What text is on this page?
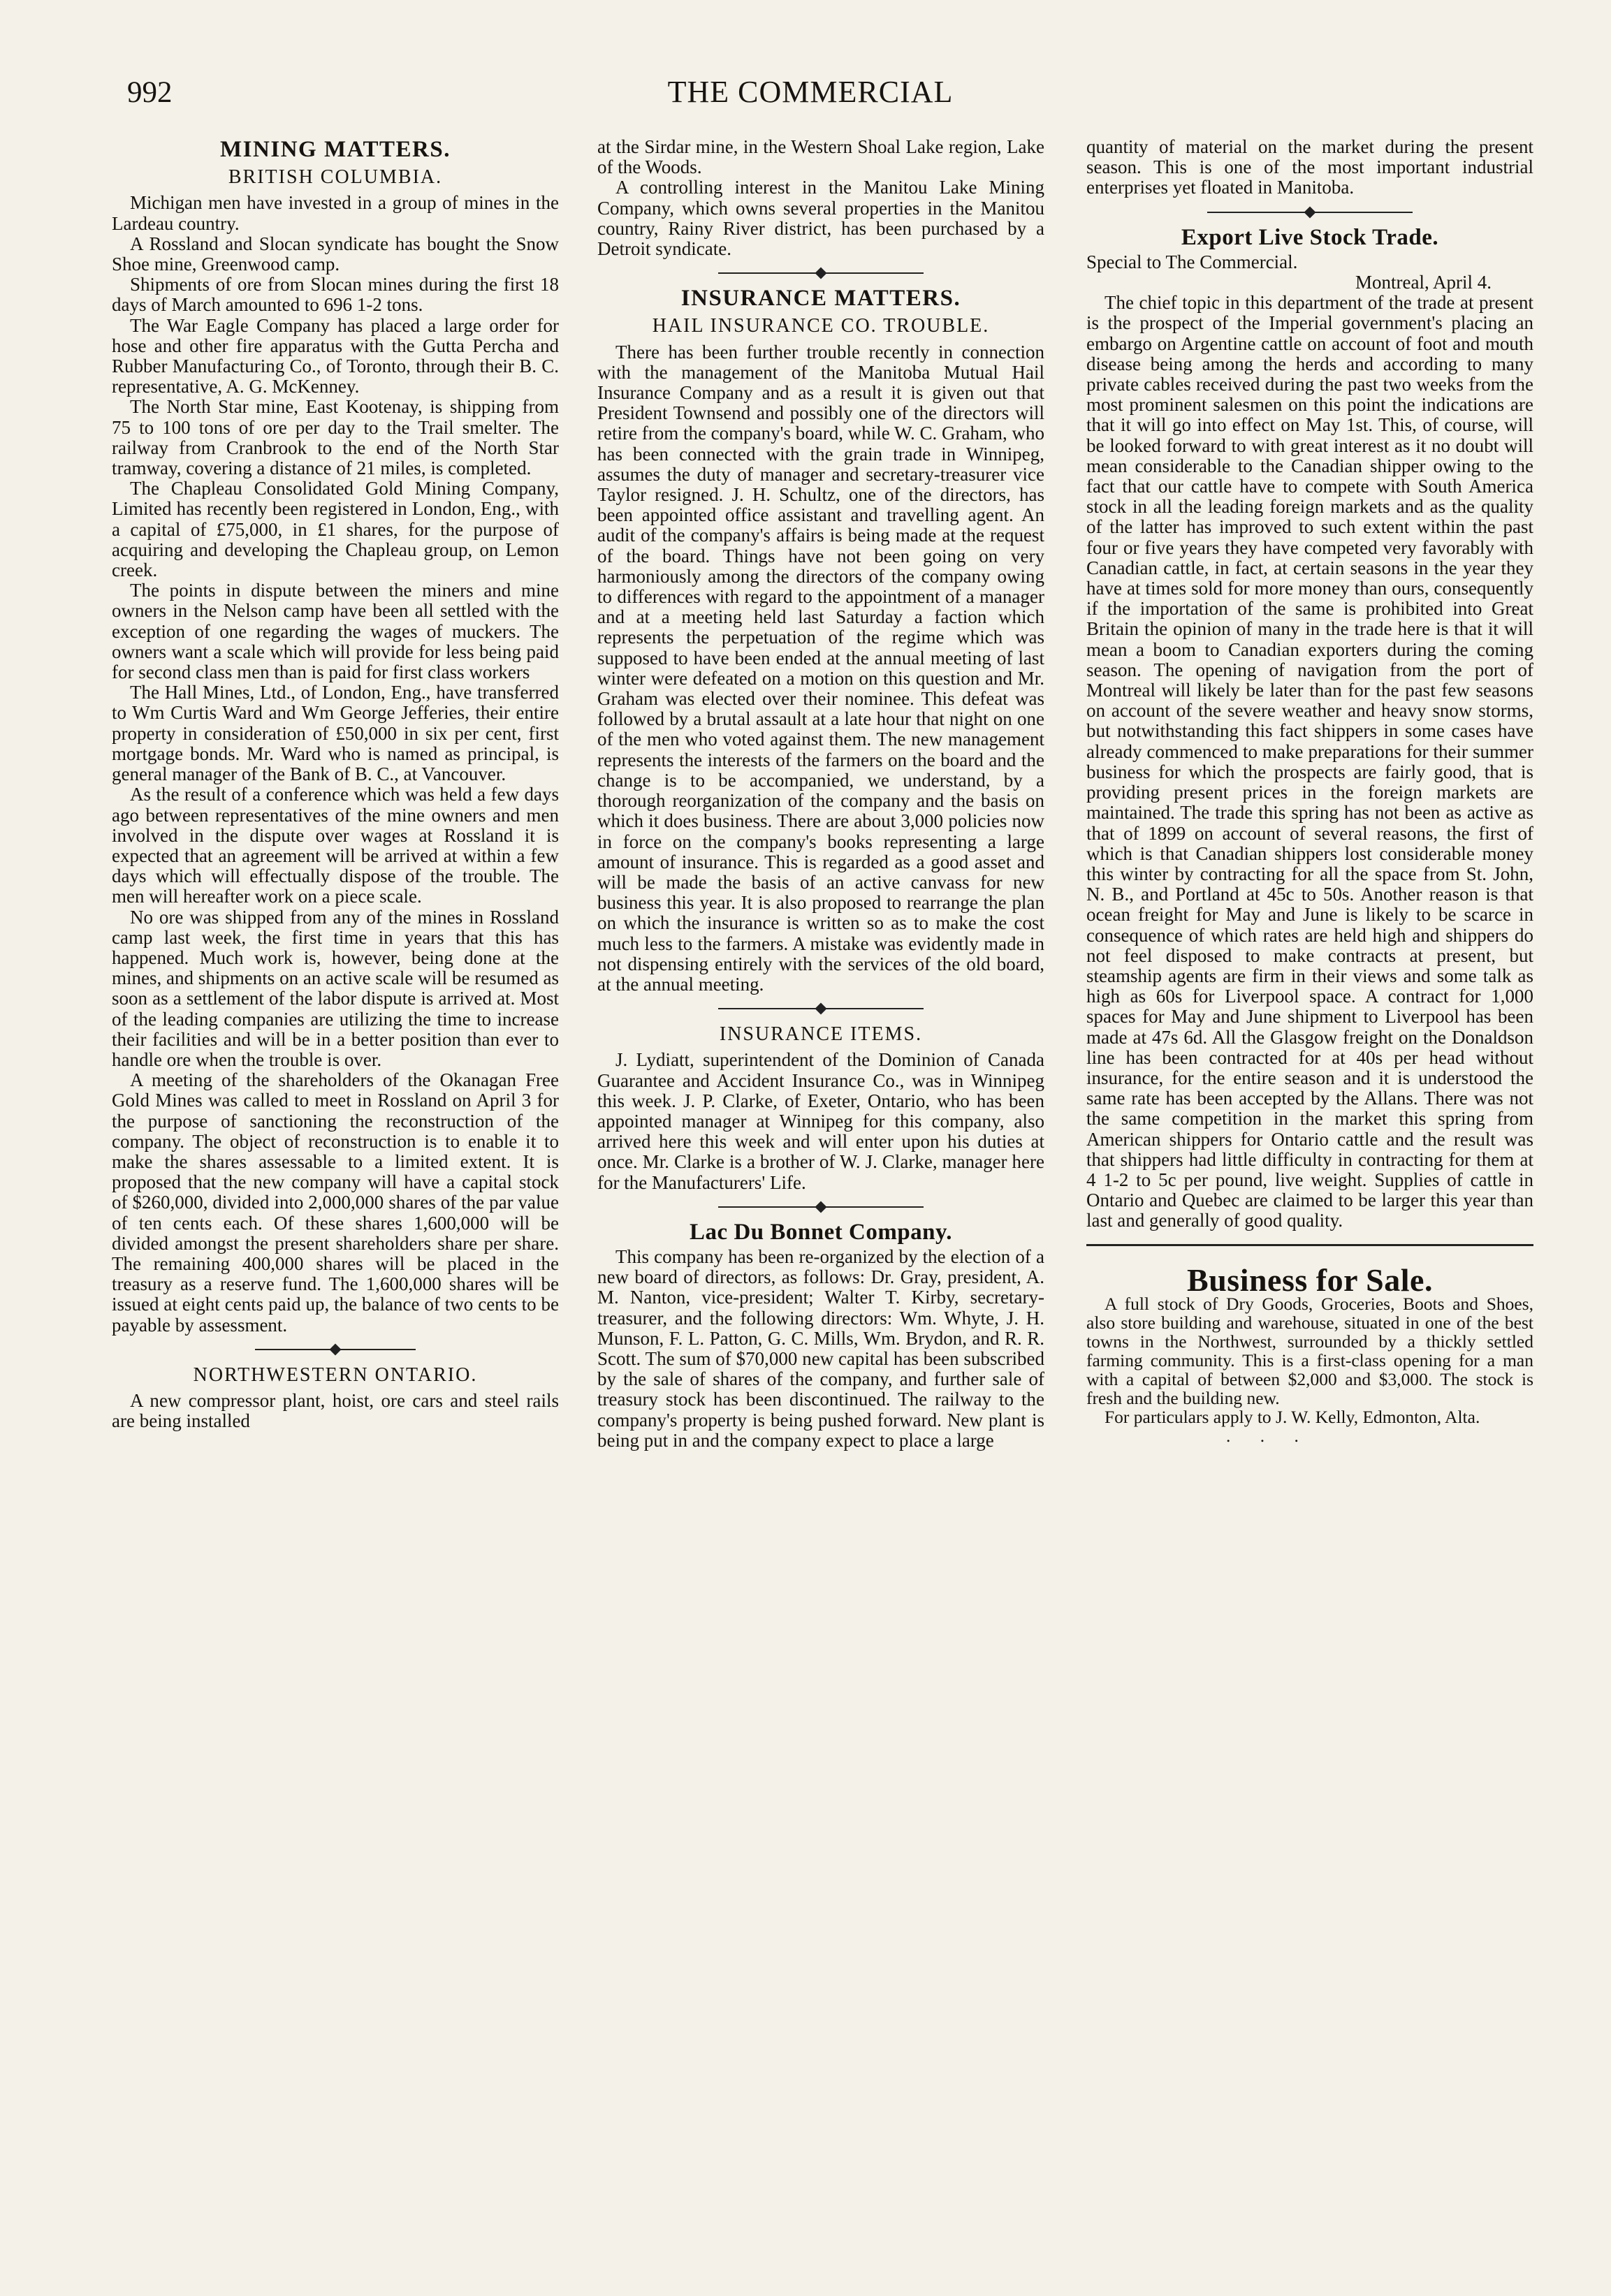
992	THE COMMERCIAL
MINING MATTERS.
BRITISH COLUMBIA.

Michigan men have invested in a group of mines in the Lardeau country.

A Rossland and Slocan syndicate has bought the Snow Shoe mine, Greenwood camp.

Shipments of ore from Slocan mines during the first 18 days of March amounted to 696 1-2 tons.

The War Eagle Company has placed a large order for hose and other fire apparatus with the Gutta Percha and Rubber Manufacturing Co., of Toronto, through their B. C. representative, A. G. McKenney.

The North Star mine, East Kootenay, is shipping from 75 to 100 tons of ore per day to the Trail smelter. The railway from Cranbrook to the end of the North Star tramway, covering a distance of 21 miles, is completed.

The Chapleau Consolidated Gold Mining Company, Limited has recently been registered in London, Eng., with a capital of £75,000, in £1 shares, for the purpose of acquiring and developing the Chapleau group, on Lemon creek.

The points in dispute between the miners and mine owners in the Nelson camp have been all settled with the exception of one regarding the wages of muckers. The owners want a scale which will provide for less being paid for second class men than is paid for first class workers

The Hall Mines, Ltd., of London, Eng., have transferred to Wm Curtis Ward and Wm George Jefferies, their entire property in consideration of £50,000 in six per cent, first mortgage bonds. Mr. Ward who is named as principal, is general manager of the Bank of B. C., at Vancouver.

As the result of a conference which was held a few days ago between representatives of the mine owners and men involved in the dispute over wages at Rossland it is expected that an agreement will be arrived at within a few days which will effectually dispose of the trouble. The men will hereafter work on a piece scale.

No ore was shipped from any of the mines in Rossland camp last week, the first time in years that this has happened. Much work is, however, being done at the mines, and shipments on an active scale will be resumed as soon as a settlement of the labor dispute is arrived at. Most of the leading companies are utilizing the time to increase their facilities and will be in a better position than ever to handle ore when the trouble is over.

A meeting of the shareholders of the Okanagan Free Gold Mines was called to meet in Rossland on April 3 for the purpose of sanctioning the reconstruction of the company. The object of reconstruction is to enable it to make the shares assessable to a limited extent. It is proposed that the new company will have a capital stock of $260,000, divided into 2,000,000 shares of the par value of ten cents each. Of these shares 1,600,000 will be divided amongst the present shareholders share per share. The remaining 400,000 shares will be placed in the treasury as a reserve fund. The 1,600,000 shares will be issued at eight cents paid up, the balance of two cents to be payable by assessment.

NORTHWESTERN ONTARIO.

A new compressor plant, hoist, ore cars and steel rails are being installed

at the Sirdar mine, in the Western Shoal Lake region, Lake of the Woods.

A controlling interest in the Manitou Lake Mining Company, which owns several properties in the Manitou country, Rainy River district, has been purchased by a Detroit syndicate.

INSURANCE MATTERS.
HAIL INSURANCE CO. TROUBLE.

There has been further trouble recently in connection with the management of the Manitoba Mutual Hail Insurance Company and as a result it is given out that President Townsend and possibly one of the directors will retire from the company's board, while W. C. Graham, who has been connected with the grain trade in Winnipeg, assumes the duty of manager and secretary-treasurer vice Taylor resigned. J. H. Schultz, one of the directors, has been appointed office assistant and travelling agent. An audit of the company's affairs is being made at the request of the board. Things have not been going on very harmoniously among the directors of the company owing to differences with regard to the appointment of a manager and at a meeting held last Saturday a faction which represents the perpetuation of the regime which was supposed to have been ended at the annual meeting of last winter were defeated on a motion on this question and Mr. Graham was elected over their nominee. This defeat was followed by a brutal assault at a late hour that night on one of the men who voted against them. The new management represents the interests of the farmers on the board and the change is to be accompanied, we understand, by a thorough reorganization of the company and the basis on which it does business. There are about 3,000 policies now in force on the company's books representing a large amount of insurance. This is regarded as a good asset and will be made the basis of an active canvass for new business this year. It is also proposed to rearrange the plan on which the insurance is written so as to make the cost much less to the farmers. A mistake was evidently made in not dispensing entirely with the services of the old board, at the annual meeting.

INSURANCE ITEMS.

J. Lydiatt, superintendent of the Dominion of Canada Guarantee and Accident Insurance Co., was in Winnipeg this week. J. P. Clarke, of Exeter, Ontario, who has been appointed manager at Winnipeg for this company, also arrived here this week and will enter upon his duties at once. Mr. Clarke is a brother of W. J. Clarke, manager here for the Manufacturers' Life.

Lac Du Bonnet Company.

This company has been re-organized by the election of a new board of directors, as follows: Dr. Gray, president, A. M. Nanton, vice-president; Walter T. Kirby, secretary-treasurer, and the following directors: Wm. Whyte, J. H. Munson, F. L. Patton, G. C. Mills, Wm. Brydon, and R. R. Scott. The sum of $70,000 new capital has been subscribed by the sale of shares of the company, and further sale of treasury stock has been discontinued. The railway to the company's property is being pushed forward. New plant is being put in and the company expect to place a large

quantity of material on the market during the present season. This is one of the most important industrial enterprises yet floated in Manitoba.

Export Live Stock Trade.

Special to The Commercial.

Montreal, April 4.

The chief topic in this department of the trade at present is the prospect of the Imperial government's placing an embargo on Argentine cattle on account of foot and mouth disease being among the herds and according to many private cables received during the past two weeks from the most prominent salesmen on this point the indications are that it will go into effect on May 1st. This, of course, will be looked forward to with great interest as it no doubt will mean considerable to the Canadian shipper owing to the fact that our cattle have to compete with South America stock in all the leading foreign markets and as the quality of the latter has improved to such extent within the past four or five years they have competed very favorably with Canadian cattle, in fact, at certain seasons in the year they have at times sold for more money than ours, consequently if the importation of the same is prohibited into Great Britain the opinion of many in the trade here is that it will mean a boom to Canadian exporters during the coming season. The opening of navigation from the port of Montreal will likely be later than for the past few seasons on account of the severe weather and heavy snow storms, but notwithstanding this fact shippers in some cases have already commenced to make preparations for their summer business for which the prospects are fairly good, that is providing present prices in the foreign markets are maintained. The trade this spring has not been as active as that of 1899 on account of several reasons, the first of which is that Canadian shippers lost considerable money this winter by contracting for all the space from St. John, N. B., and Portland at 45c to 50s. Another reason is that ocean freight for May and June is likely to be scarce in consequence of which rates are held high and shippers do not feel disposed to make contracts at present, but steamship agents are firm in their views and some talk as high as 60s for Liverpool space. A contract for 1,000 spaces for May and June shipment to Liverpool has been made at 47s 6d. All the Glasgow freight on the Donaldson line has been contracted for at 40s per head without insurance, for the entire season and it is understood the same rate has been accepted by the Allans. There was not the same competition in the market this spring from American shippers for Ontario cattle and the result was that shippers had little difficulty in contracting for them at 4 1-2 to 5c per pound, live weight. Supplies of cattle in Ontario and Quebec are claimed to be larger this year than last and generally of good quality.

Business for Sale.

A full stock of Dry Goods, Groceries, Boots and Shoes, also store building and warehouse, situated in one of the best towns in the Northwest, surrounded by a thickly settled farming community. This is a first-class opening for a man with a capital of between $2,000 and $3,000. The stock is fresh and the building new.

For particulars apply to J. W. Kelly, Edmonton, Alta.

. . .
